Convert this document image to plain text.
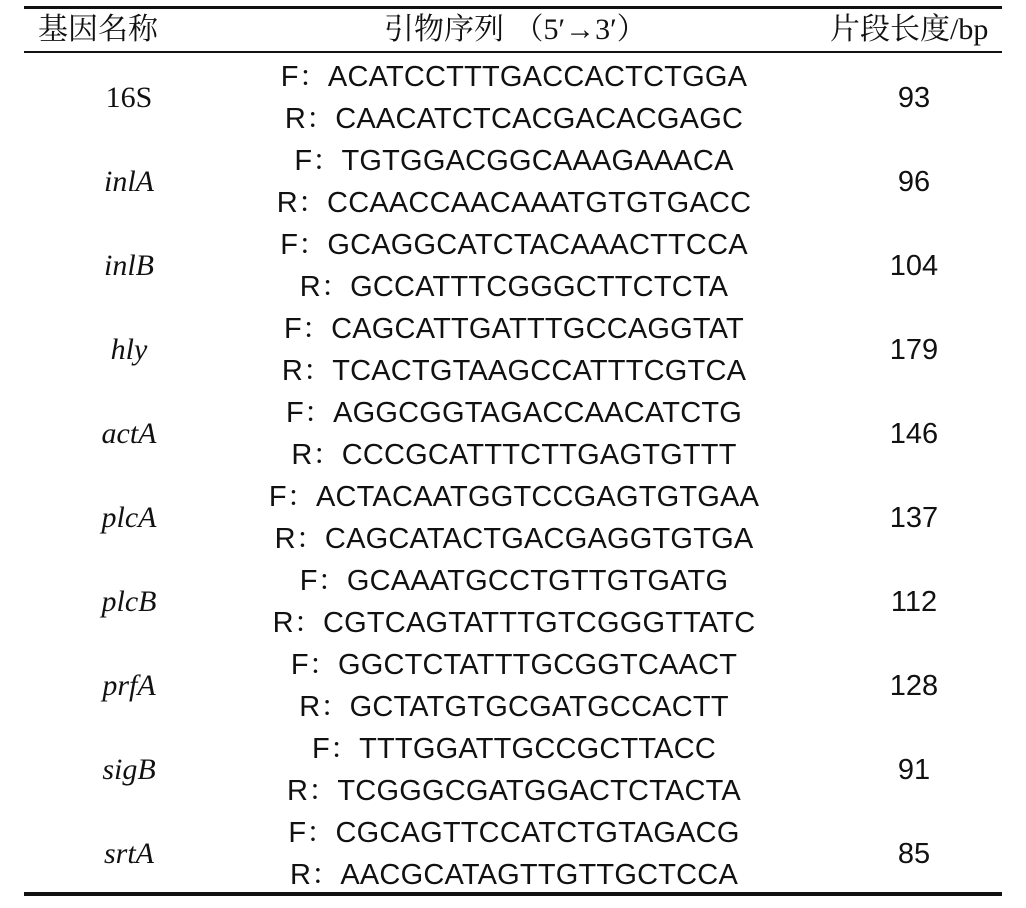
基因名称	引物序列 （5′→3′）	片段长度/bp
16S
F：ACATCCTTTGACCACTCTGGA
R：CAACATCTCACGACACGAGC
93
inlA
F：TGTGGACGGCAAAGAAACA
R：CCAACCAACAAATGTGTGACC
96
inlB
F：GCAGGCATCTACAAACTTCCA
R：GCCATTTCGGGCTTCTCTA
104
hly
F：CAGCATTGATTTGCCAGGTAT
R：TCACTGTAAGCCATTTCGTCA
179
actA
F：AGGCGGTAGACCAACATCTG
R：CCCGCATTTCTTGAGTGTTT
146
plcA
F：ACTACAATGGTCCGAGTGTGAA
R：CAGCATACTGACGAGGTGTGA
137
plcB
F：GCAAATGCCTGTTGTGATG
R：CGTCAGTATTTGTCGGGTTATC
112
prfA
F：GGCTCTATTTGCGGTCAACT
R：GCTATGTGCGATGCCACTT
128
sigB
F：TTTGGATTGCCGCTTACC
R：TCGGGCGATGGACTCTACTA
91
srtA
F：CGCAGTTCCATCTGTAGACG
R：AACGCATAGTTGTTGCTCCA
85
